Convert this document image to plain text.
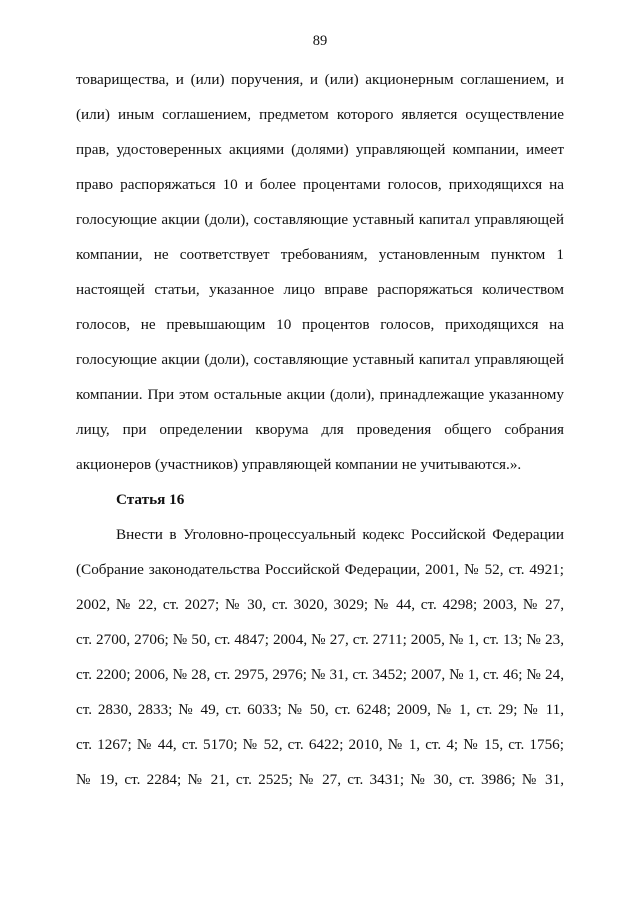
89
товарищества, и (или) поручения, и (или) акционерным соглашением, и
(или) иным соглашением, предметом которого является осуществление
прав, удостоверенных акциями (долями) управляющей компании, имеет
право распоряжаться 10 и более процентами голосов, приходящихся на
голосующие акции (доли), составляющие уставный капитал управляющей
компании, не соответствует требованиям, установленным пунктом 1
настоящей статьи, указанное лицо вправе распоряжаться количеством
голосов, не превышающим 10 процентов голосов, приходящихся на
голосующие акции (доли), составляющие уставный капитал управляющей
компании. При этом остальные акции (доли), принадлежащие указанному
лицу, при определении кворума для проведения общего собрания
акционеров (участников) управляющей компании не учитываются.».
Статья 16
Внести в Уголовно-процессуальный кодекс Российской Федерации
(Собрание законодательства Российской Федерации, 2001, № 52, ст. 4921;
2002, № 22, ст. 2027; № 30, ст. 3020, 3029; № 44, ст. 4298; 2003, № 27,
ст. 2700, 2706; № 50, ст. 4847; 2004, № 27, ст. 2711; 2005, № 1, ст. 13; № 23,
ст. 2200; 2006, № 28, ст. 2975, 2976; № 31, ст. 3452; 2007, № 1, ст. 46; № 24,
ст. 2830, 2833; № 49, ст. 6033; № 50, ст. 6248; 2009, № 1, ст. 29; № 11,
ст. 1267; № 44, ст. 5170; № 52, ст. 6422; 2010, № 1, ст. 4; № 15, ст. 1756;
№ 19, ст. 2284; № 21, ст. 2525; № 27, ст. 3431; № 30, ст. 3986; № 31,
